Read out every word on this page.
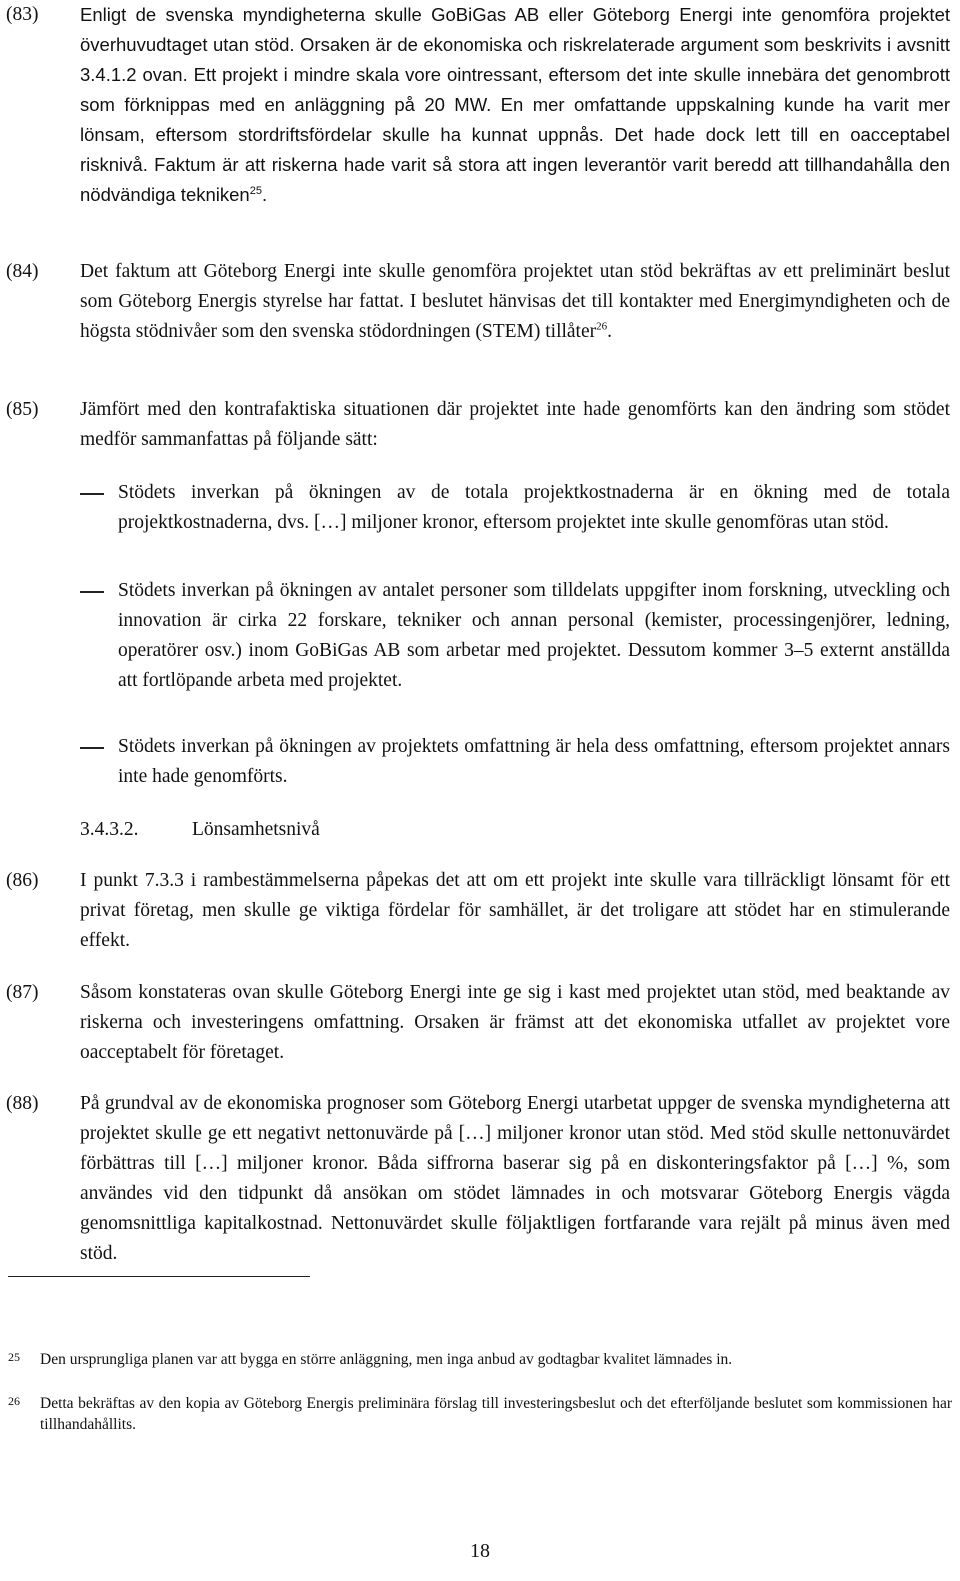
(83)	Enligt de svenska myndigheterna skulle GoBiGas AB eller Göteborg Energi inte genomföra projektet överhuvudtaget utan stöd. Orsaken är de ekonomiska och riskrelaterade argument som beskrivits i avsnitt 3.4.1.2 ovan. Ett projekt i mindre skala vore ointressant, eftersom det inte skulle innebära det genombrott som förknippas med en anläggning på 20 MW. En mer omfattande uppskalning kunde ha varit mer lönsam, eftersom stordriftsfördelar skulle ha kunnat uppnås. Det hade dock lett till en oacceptabel risknivå. Faktum är att riskerna hade varit så stora att ingen leverantör varit beredd att tillhandahålla den nödvändiga tekniken$^{25}$.
(84)	Det faktum att Göteborg Energi inte skulle genomföra projektet utan stöd bekräftas av ett preliminärt beslut som Göteborg Energis styrelse har fattat. I beslutet hänvisas det till kontakter med Energimyndigheten och de högsta stödnivåer som den svenska stödordningen (STEM) tillåter$^{26}$.
(85)	Jämfört med den kontrafaktiska situationen där projektet inte hade genomförts kan den ändring som stödet medför sammanfattas på följande sätt:
Stödets inverkan på ökningen av de totala projektkostnaderna är en ökning med de totala projektkostnaderna, dvs. […] miljoner kronor, eftersom projektet inte skulle genomföras utan stöd.
Stödets inverkan på ökningen av antalet personer som tilldelats uppgifter inom forskning, utveckling och innovation är cirka 22 forskare, tekniker och annan personal (kemister, processingenjörer, ledning, operatörer osv.) inom GoBiGas AB som arbetar med projektet. Dessutom kommer 3–5 externt anställda att fortlöpande arbeta med projektet.
Stödets inverkan på ökningen av projektets omfattning är hela dess omfattning, eftersom projektet annars inte hade genomförts.
3.4.3.2.	Lönsamhetsnivå
(86)	I punkt 7.3.3 i rambestämmelserna påpekas det att om ett projekt inte skulle vara tillräckligt lönsamt för ett privat företag, men skulle ge viktiga fördelar för samhället, är det troligare att stödet har en stimulerande effekt.
(87)	Såsom konstateras ovan skulle Göteborg Energi inte ge sig i kast med projektet utan stöd, med beaktande av riskerna och investeringens omfattning. Orsaken är främst att det ekonomiska utfallet av projektet vore oacceptabelt för företaget.
(88)	På grundval av de ekonomiska prognoser som Göteborg Energi utarbetat uppger de svenska myndigheterna att projektet skulle ge ett negativt nettonuvärde på […] miljoner kronor utan stöd. Med stöd skulle nettonuvärdet förbättras till […] miljoner kronor. Båda siffrorna baserar sig på en diskonteringsfaktor på […] %, som användes vid den tidpunkt då ansökan om stödet lämnades in och motsvarar Göteborg Energis vägda genomsnittliga kapitalkostnad. Nettonuvärdet skulle följaktligen fortfarande vara rejält på minus även med stöd.
25	Den ursprungliga planen var att bygga en större anläggning, men inga anbud av godtagbar kvalitet lämnades in.
26	Detta bekräftas av den kopia av Göteborg Energis preliminära förslag till investeringsbeslut och det efterföljande beslutet som kommissionen har tillhandahållits.
18
